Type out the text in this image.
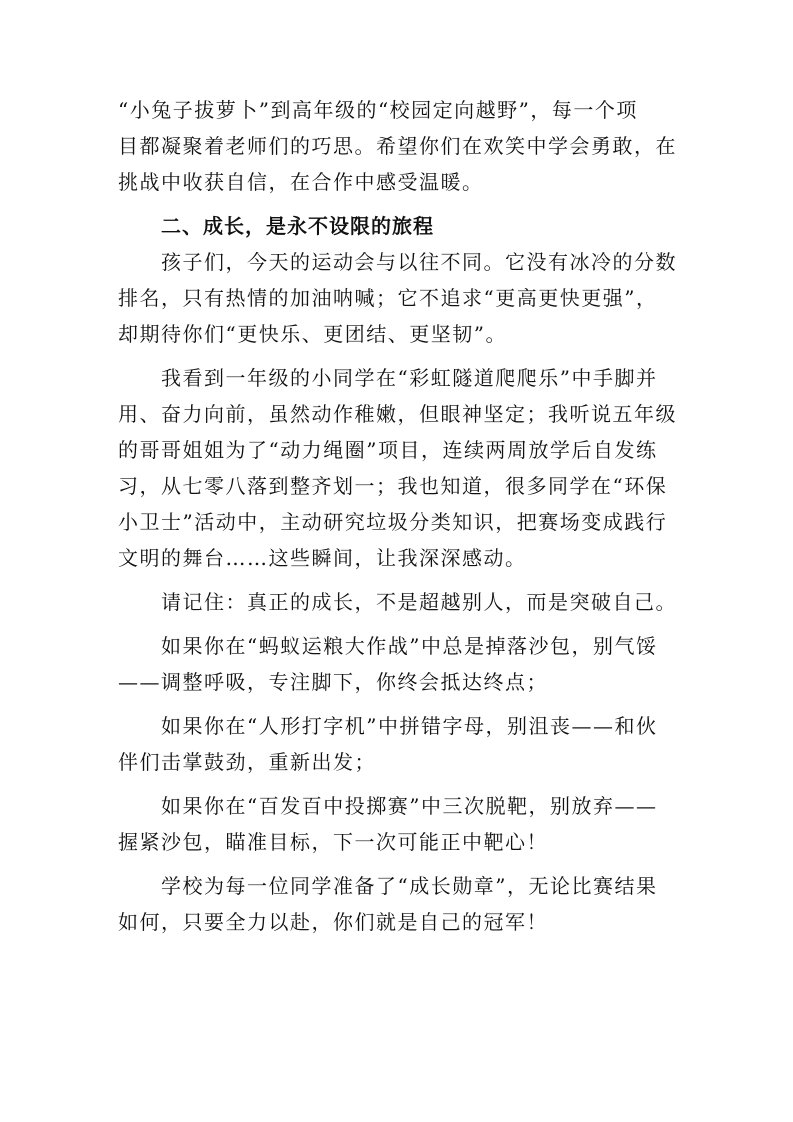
“小兔子拔萝卜”到高年级的“校园定向越野”，每一个项
目都凝聚着老师们的巧思。希望你们在欢笑中学会勇敢，在
挑战中收获自信，在合作中感受温暖。
二、成长，是永不设限的旅程
孩子们，今天的运动会与以往不同。它没有冰冷的分数
排名，只有热情的加油呐喊；它不追求“更高更快更强”，
却期待你们“更快乐、更团结、更坚韧”。
我看到一年级的小同学在“彩虹隧道爬爬乐”中手脚并
用、奋力向前，虽然动作稚嫩，但眼神坚定；我听说五年级
的哥哥姐姐为了“动力绳圈”项目，连续两周放学后自发练
习，从七零八落到整齐划一；我也知道，很多同学在“环保
小卫士”活动中，主动研究垃圾分类知识，把赛场变成践行
文明的舞台……这些瞬间，让我深深感动。
请记住：真正的成长，不是超越别人，而是突破自己。
如果你在“蚂蚁运粮大作战”中总是掉落沙包，别气馁
——调整呼吸，专注脚下，你终会抵达终点；
如果你在“人形打字机”中拼错字母，别沮丧——和伙
伴们击掌鼓劲，重新出发；
如果你在“百发百中投掷赛”中三次脱靶，别放弃——
握紧沙包，瞄准目标，下一次可能正中靶心！
学校为每一位同学准备了“成长勋章”，无论比赛结果
如何，只要全力以赴，你们就是自己的冠军！
